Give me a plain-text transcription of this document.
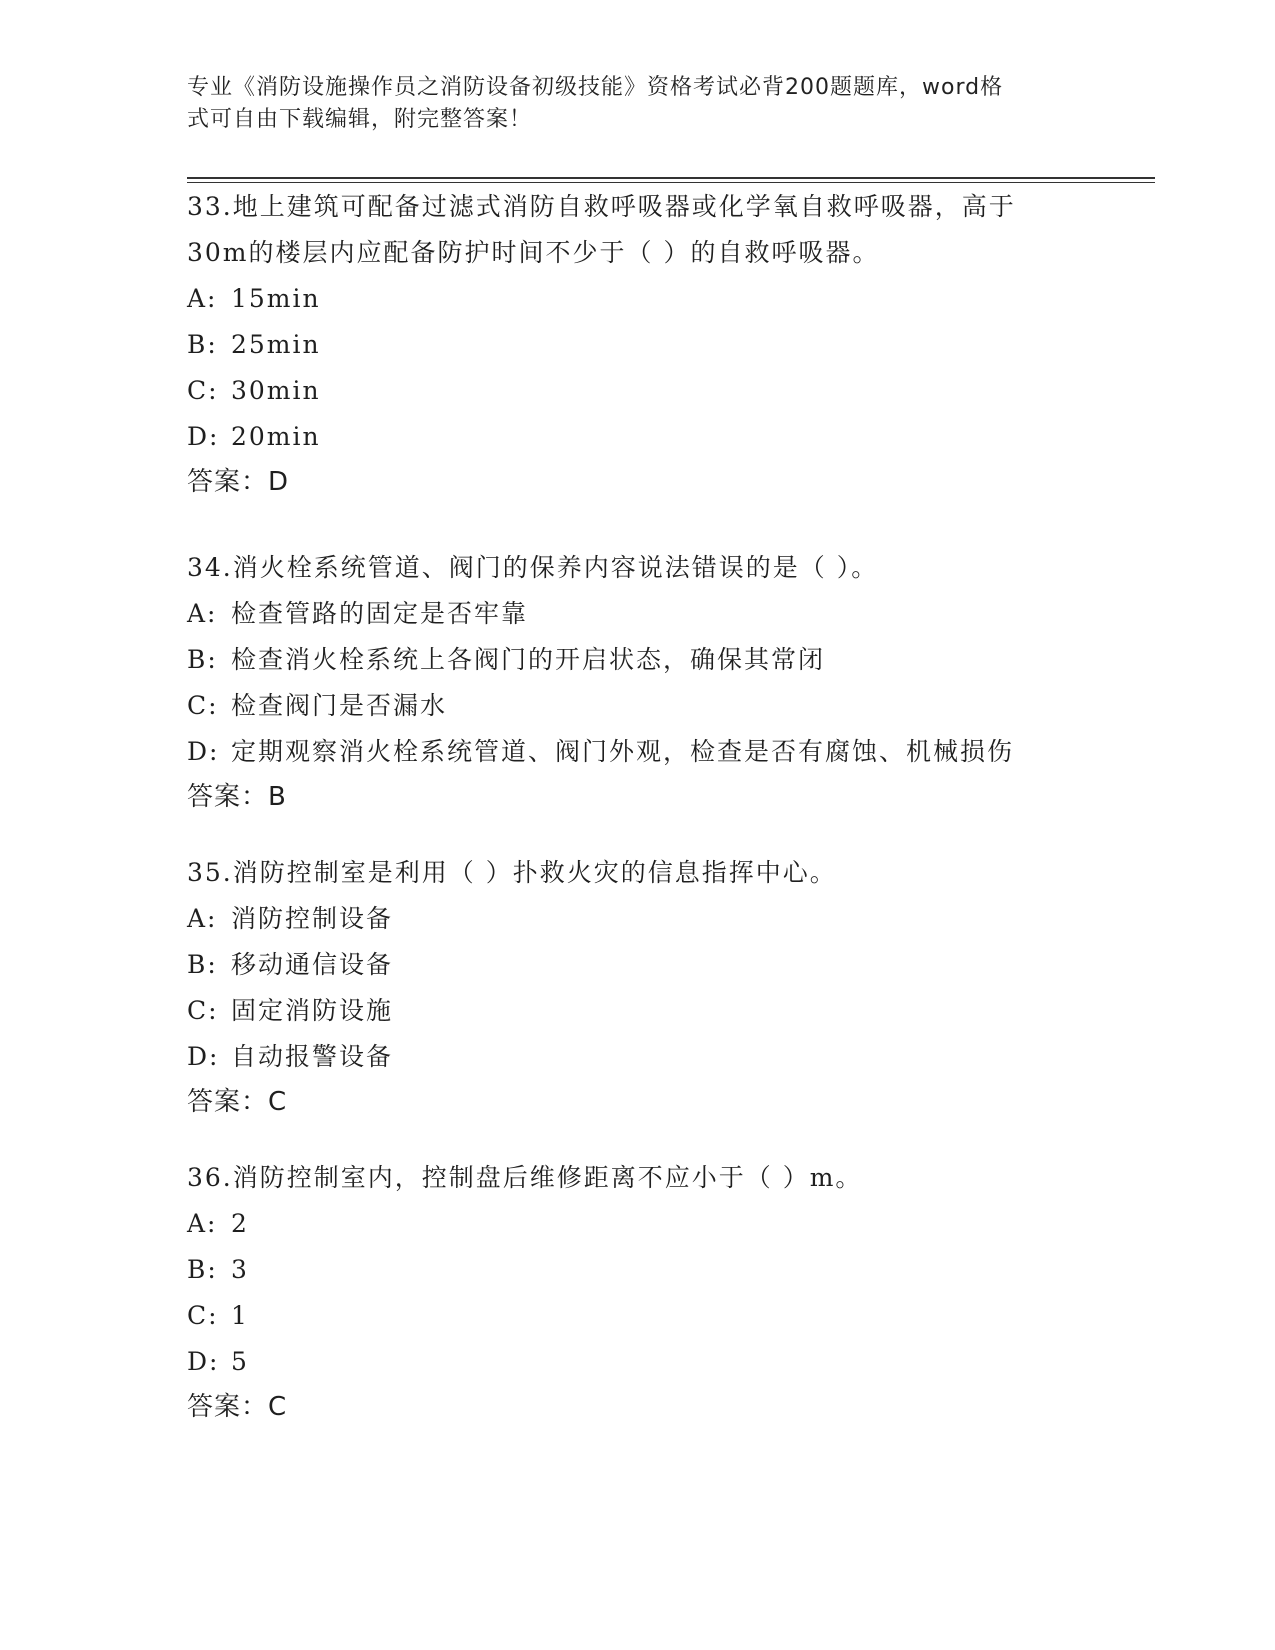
专业《消防设施操作员之消防设备初级技能》资格考试必背200题题库，word格
式可自由下载编辑，附完整答案！
33.地上建筑可配备过滤式消防自救呼吸器或化学氧自救呼吸器，高于
30m的楼层内应配备防护时间不少于（ ）的自救呼吸器。
A: 15min
B: 25min
C: 30min
D: 20min
答案：D
34.消火栓系统管道、阀门的保养内容说法错误的是（ ）。
A: 检查管路的固定是否牢靠
B: 检查消火栓系统上各阀门的开启状态，确保其常闭
C: 检查阀门是否漏水
D: 定期观察消火栓系统管道、阀门外观，检查是否有腐蚀、机械损伤
答案：B
35.消防控制室是利用（ ）扑救火灾的信息指挥中心。
A: 消防控制设备
B: 移动通信设备
C: 固定消防设施
D: 自动报警设备
答案：C
36.消防控制室内，控制盘后维修距离不应小于（ ）m。
A: 2
B: 3
C: 1
D: 5
答案：C
